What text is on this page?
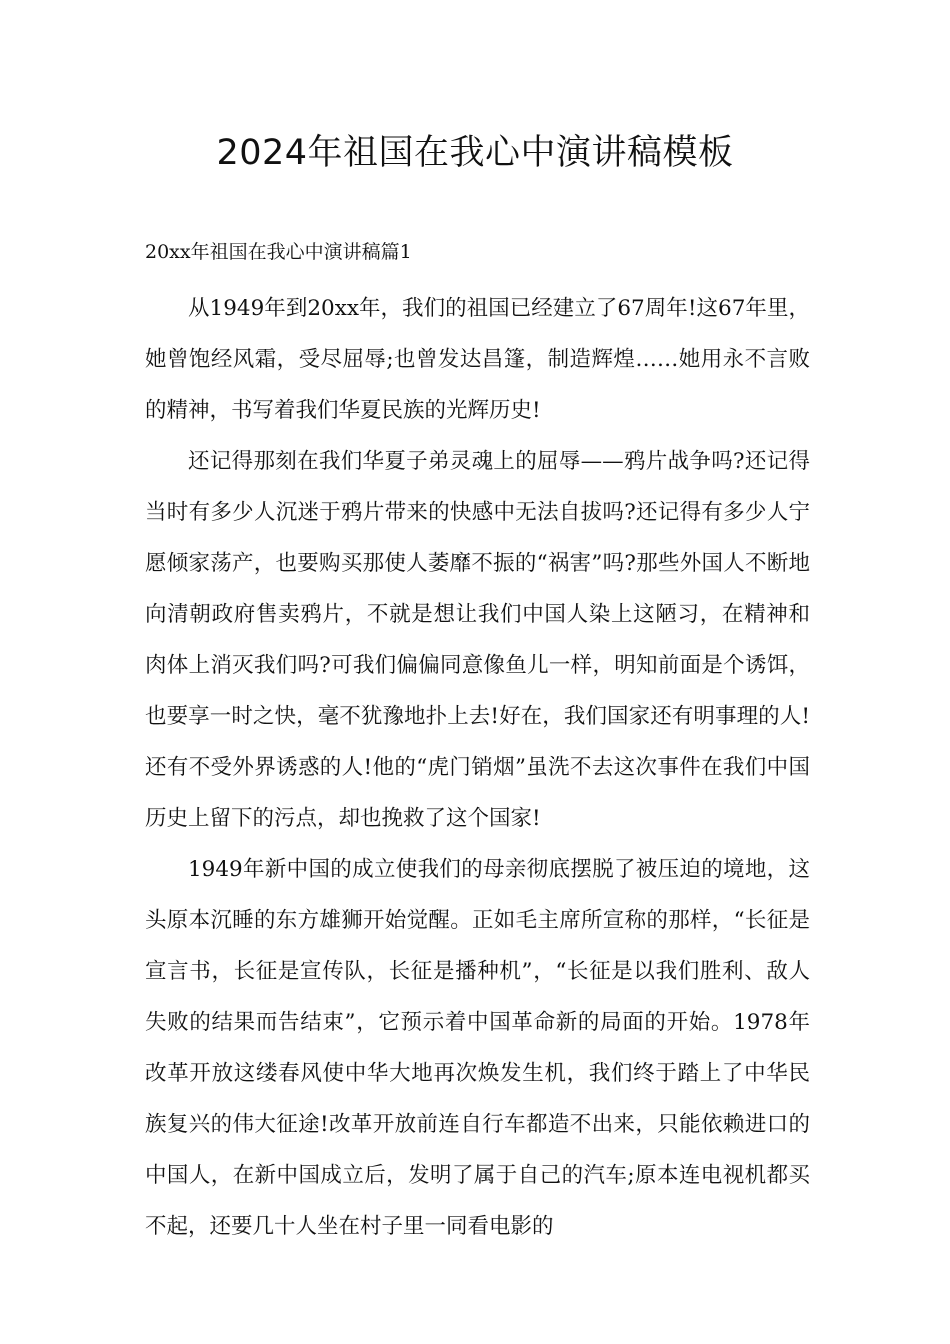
2024年祖国在我心中演讲稿模板
20xx年祖国在我心中演讲稿篇1

从1949年到20xx年，我们的祖国已经建立了67周年!这67年里，她曾饱经风霜，受尽屈辱;也曾发达昌篷，制造辉煌……她用永不言败的精神，书写着我们华夏民族的光辉历史!

还记得那刻在我们华夏子弟灵魂上的屈辱——鸦片战争吗?还记得当时有多少人沉迷于鸦片带来的快感中无法自拔吗?还记得有多少人宁愿倾家荡产，也要购买那使人萎靡不振的“祸害”吗?那些外国人不断地向清朝政府售卖鸦片，不就是想让我们中国人染上这陋习，在精神和肉体上消灭我们吗?可我们偏偏同意像鱼儿一样，明知前面是个诱饵，也要享一时之快，毫不犹豫地扑上去!好在，我们国家还有明事理的人!还有不受外界诱惑的人!他的“虎门销烟”虽洗不去这次事件在我们中国历史上留下的污点，却也挽救了这个国家!

1949年新中国的成立使我们的母亲彻底摆脱了被压迫的境地，这头原本沉睡的东方雄狮开始觉醒。正如毛主席所宣称的那样，“长征是宣言书，长征是宣传队，长征是播种机”，“长征是以我们胜利、敌人失败的结果而告结束”，它预示着中国革命新的局面的开始。1978年改革开放这缕春风使中华大地再次焕发生机，我们终于踏上了中华民族复兴的伟大征途!改革开放前连自行车都造不出来，只能依赖进口的中国人，在新中国成立后，发明了属于自己的汽车;原本连电视机都买不起，还要几十人坐在村子里一同看电影的
